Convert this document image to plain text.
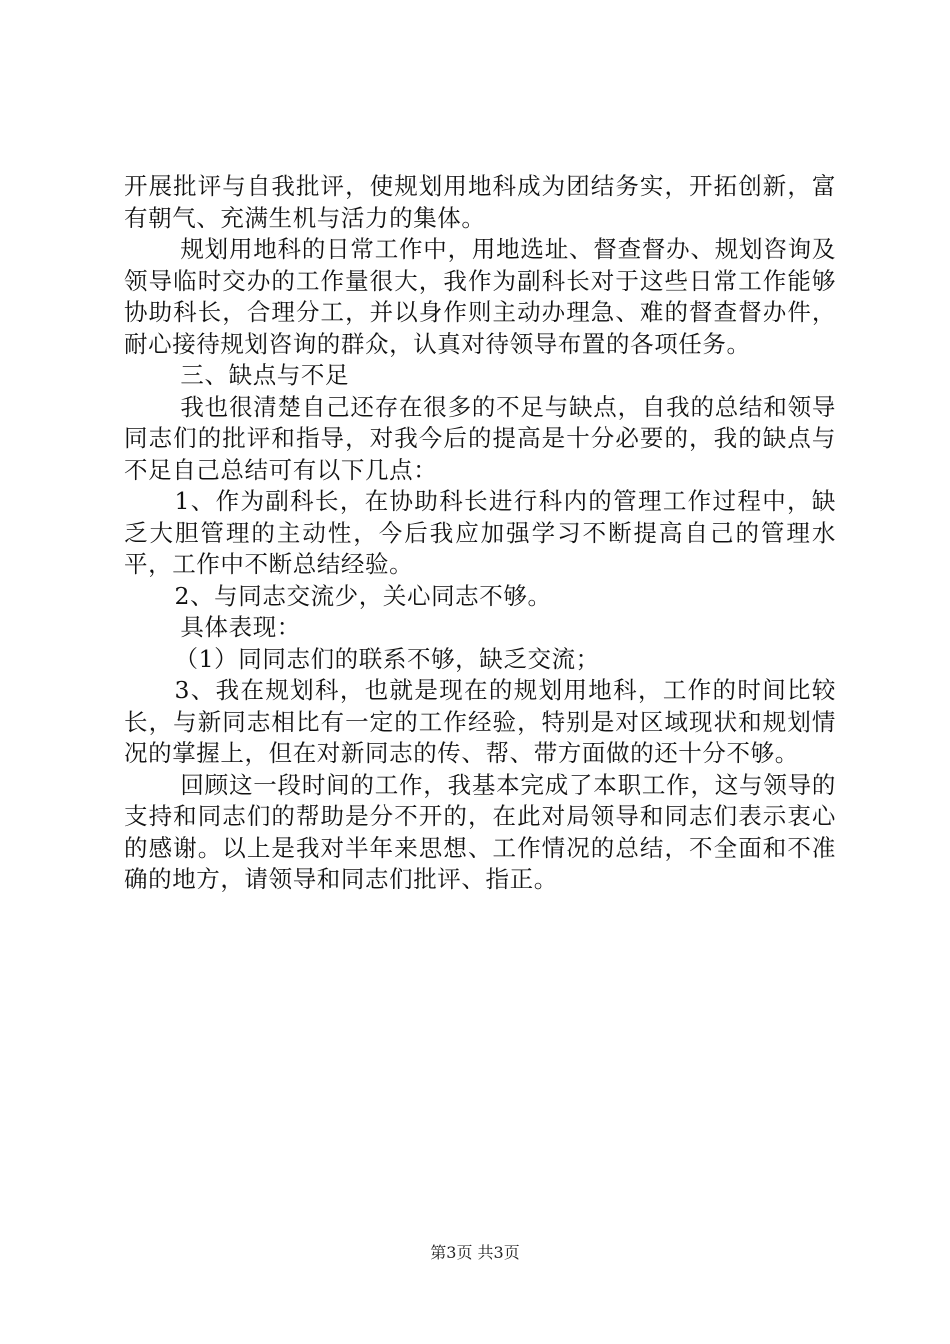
开展批评与自我批评，使规划用地科成为团结务实，开拓创新，富有朝气、充满生机与活力的集体。

规划用地科的日常工作中，用地选址、督查督办、规划咨询及领导临时交办的工作量很大，我作为副科长对于这些日常工作能够协助科长，合理分工，并以身作则主动办理急、难的督查督办件，耐心接待规划咨询的群众，认真对待领导布置的各项任务。

三、缺点与不足

我也很清楚自己还存在很多的不足与缺点，自我的总结和领导同志们的批评和指导，对我今后的提高是十分必要的，我的缺点与不足自己总结可有以下几点：

1、作为副科长，在协助科长进行科内的管理工作过程中，缺乏大胆管理的主动性，今后我应加强学习不断提高自己的管理水平，工作中不断总结经验。

2、与同志交流少，关心同志不够。

具体表现：

（1）同同志们的联系不够，缺乏交流；

3、我在规划科，也就是现在的规划用地科，工作的时间比较长，与新同志相比有一定的工作经验，特别是对区域现状和规划情况的掌握上，但在对新同志的传、帮、带方面做的还十分不够。

回顾这一段时间的工作，我基本完成了本职工作，这与领导的支持和同志们的帮助是分不开的，在此对局领导和同志们表示衷心的感谢。以上是我对半年来思想、工作情况的总结，不全面和不准确的地方，请领导和同志们批评、指正。

第3页 共3页
